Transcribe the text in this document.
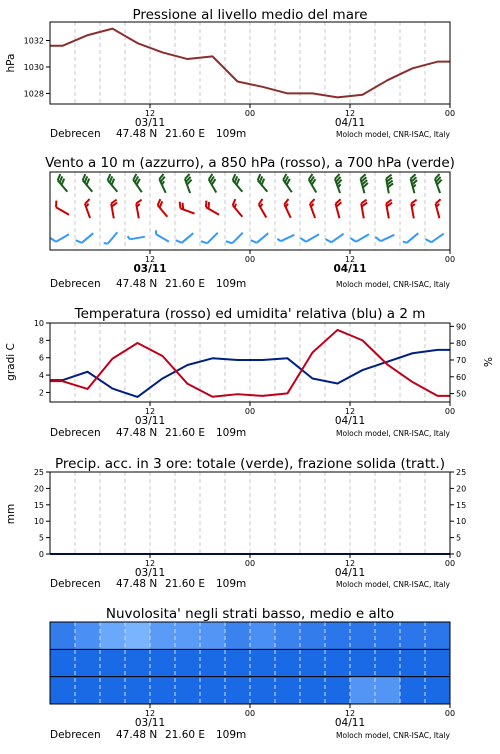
1028
1030
1032
hPa
Pressione al livello medio del mare
12	00	12	00
03/11	04/11
Debrecen 47.48 N 21.60 E 109m	Moloch model, CNR-ISAC, Italy
Vento a 10 m (azzurro), a 850 hPa (rosso), a 700 hPa (verde)
12	00	12	00
03/11	04/11
Debrecen 47.48 N 21.60 E 109m	Moloch model, CNR-ISAC, Italy
2
4
6
8
10
50
60
70
80
90
gradi C	%
Temperatura (rosso) ed umidita' relativa (blu) a 2 m
12	00	12	00
03/11	04/11
Debrecen 47.48 N 21.60 E 109m	Moloch model, CNR-ISAC, Italy
0
5
10
15
20
25
0
5
10
15
20
25
mm
Precip. acc. in 3 ore: totale (verde), frazione solida (tratt.)
12	00	12	00
03/11	04/11
Debrecen 47.48 N 21.60 E 109m	Moloch model, CNR-ISAC, Italy
Nuvolosita' negli strati basso, medio e alto
12	00	12	00
03/11	04/11
Debrecen 47.48 N 21.60 E 109m	Moloch model, CNR-ISAC, Italy
